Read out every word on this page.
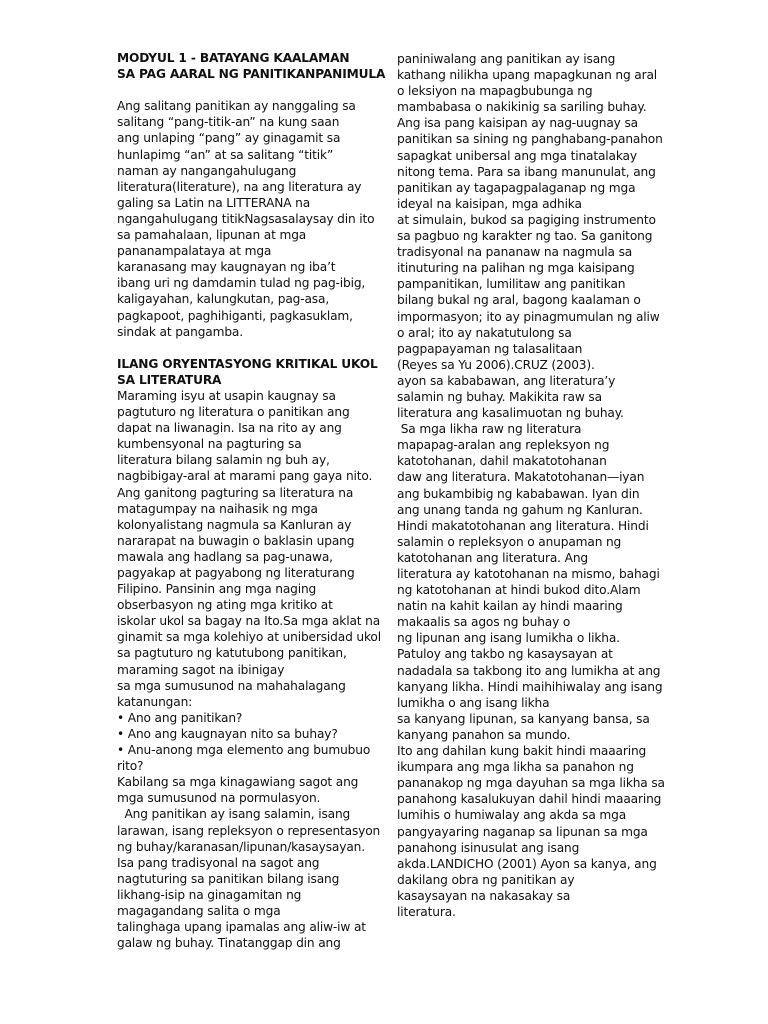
MODYUL 1 - BATAYANG KAALAMAN
SA PAG AARAL NG PANITIKANPANIMULA
Ang salitang panitikan ay nanggaling sa
salitang “pang-titik-an” na kung saan
ang unlaping “pang” ay ginagamit sa
hunlapimg “an” at sa salitang “titik”
naman ay nangangahulugang
literatura(literature), na ang literatura ay
galing sa Latin na LITTERANA na
ngangahulugang titikNagsasalaysay din ito
sa pamahalaan, lipunan at mga
pananampalataya at mga
karanasang may kaugnayan ng iba’t
ibang uri ng damdamin tulad ng pag-ibig,
kaligayahan, kalungkutan, pag-asa,
pagkapoot, paghihiganti, pagkasuklam,
sindak at pangamba.
ILANG ORYENTASYONG KRITIKAL UKOL
SA LITERATURA
Maraming isyu at usapin kaugnay sa
pagtuturo ng literatura o panitikan ang
dapat na liwanagin. Isa na rito ay ang
kumbensyonal na pagturing sa
literatura bilang salamin ng buh ay,
nagbibigay-aral at marami pang gaya nito.
Ang ganitong pagturing sa literatura na
matagumpay na naihasik ng mga
kolonyalistang nagmula sa Kanluran ay
nararapat na buwagin o baklasin upang
mawala ang hadlang sa pag-unawa,
pagyakap at pagyabong ng literaturang
Filipino. Pansinin ang mga naging
obserbasyon ng ating mga kritiko at
iskolar ukol sa bagay na Ito.Sa mga aklat na
ginamit sa mga kolehiyo at unibersidad ukol
sa pagtuturo ng katutubong panitikan,
maraming sagot na ibinigay
sa mga sumusunod na mahahalagang
katanungan:
• Ano ang panitikan?
• Ano ang kaugnayan nito sa buhay?
• Anu-anong mga elemento ang bumubuo
rito?
Kabilang sa mga kinagawiang sagot ang
mga sumusunod na pormulasyon.
Ang panitikan ay isang salamin, isang
larawan, isang repleksyon o representasyon
ng buhay/karanasan/lipunan/kasaysayan.
Isa pang tradisyonal na sagot ang
nagtuturing sa panitikan bilang isang
likhang-isip na ginagamitan ng
magagandang salita o mga
talinghaga upang ipamalas ang aliw-iw at
galaw ng buhay. Tinatanggap din ang
paniniwalang ang panitikan ay isang
kathang nilikha upang mapagkunan ng aral
o leksiyon na mapagbubunga ng
mambabasa o nakikinig sa sariling buhay.
Ang isa pang kaisipan ay nag-uugnay sa
panitikan sa sining ng panghabang-panahon
sapagkat unibersal ang mga tinatalakay
nitong tema. Para sa ibang manunulat, ang
panitikan ay tagapagpalaganap ng mga
ideyal na kaisipan, mga adhika
at simulain, bukod sa pagiging instrumento
sa pagbuo ng karakter ng tao. Sa ganitong
tradisyonal na pananaw na nagmula sa
itinuturing na palihan ng mga kaisipang
pampanitikan, lumilitaw ang panitikan
bilang bukal ng aral, bagong kaalaman o
impormasyon; ito ay pinagmumulan ng aliw
o aral; ito ay nakatutulong sa
pagpapayaman ng talasalitaan
(Reyes sa Yu 2006).CRUZ (2003).
ayon sa kababawan, ang literatura’y
salamin ng buhay. Makikita raw sa
literatura ang kasalimuotan ng buhay.
Sa mga likha raw ng literatura
mapapag-aralan ang repleksyon ng
katotohanan, dahil makatotohanan
daw ang literatura. Makatotohanan—iyan
ang bukambibig ng kababawan. Iyan din
ang unang tanda ng gahum ng Kanluran.
Hindi makatotohanan ang literatura. Hindi
salamin o repleksyon o anupaman ng
katotohanan ang literatura. Ang
literatura ay katotohanan na mismo, bahagi
ng katotohanan at hindi bukod dito.Alam
natin na kahit kailan ay hindi maaring
makaalis sa agos ng buhay o
ng lipunan ang isang lumikha o likha.
Patuloy ang takbo ng kasaysayan at
nadadala sa takbong ito ang lumikha at ang
kanyang likha. Hindi maihihiwalay ang isang
lumikha o ang isang likha
sa kanyang lipunan, sa kanyang bansa, sa
kanyang panahon sa mundo.
Ito ang dahilan kung bakit hindi maaaring
ikumpara ang mga likha sa panahon ng
pananakop ng mga dayuhan sa mga likha sa
panahong kasalukuyan dahil hindi maaaring
lumihis o humiwalay ang akda sa mga
pangyayaring naganap sa lipunan sa mga
panahong isinusulat ang isang
akda.LANDICHO (2001) Ayon sa kanya, ang
dakilang obra ng panitikan ay
kasaysayan na nakasakay sa
literatura.
